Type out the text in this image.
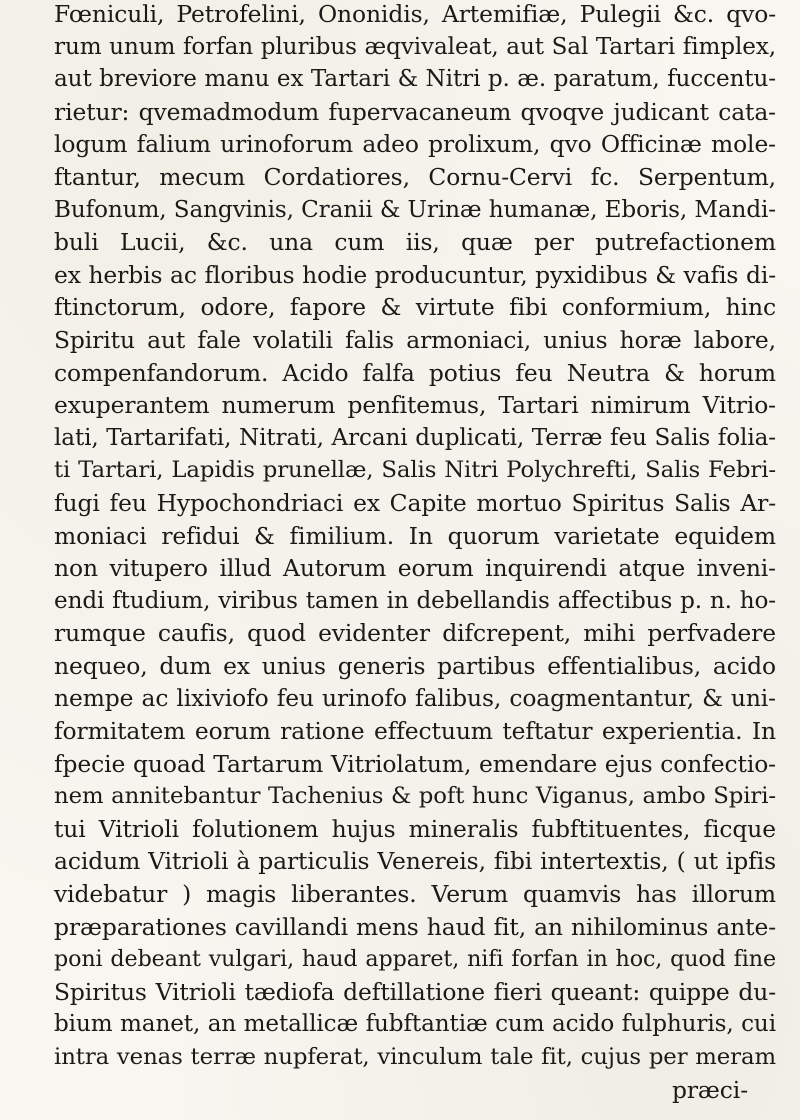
Fœniculi, Petrofelini, Ononidis, Artemifiæ, Pulegii &c. qvo-
rum unum forfan pluribus æqvivaleat, aut Sal Tartari fimplex,
aut breviore manu ex Tartari & Nitri p. æ. paratum, fuccentu-
rietur: qvemadmodum fupervacaneum qvoqve judicant cata-
logum falium urinoforum adeo prolixum, qvo Officinæ mole-
ftantur, mecum Cordatiores, Cornu-Cervi fc. Serpentum,
Bufonum, Sangvinis, Cranii & Urinæ humanæ, Eboris, Mandi-
buli Lucii, &c. una cum iis, quæ per putrefactionem
ex herbis ac floribus hodie producuntur, pyxidibus & vafis di-
ftinctorum, odore, fapore & virtute fibi conformium, hinc
Spiritu aut fale volatili falis armoniaci, unius horæ labore,
compenfandorum. Acido falfa potius feu Neutra & horum
exuperantem numerum penfitemus, Tartari nimirum Vitrio-
lati, Tartarifati, Nitrati, Arcani duplicati, Terræ feu Salis folia-
ti Tartari, Lapidis prunellæ, Salis Nitri Polychrefti, Salis Febri-
fugi feu Hypochondriaci ex Capite mortuo Spiritus Salis Ar-
moniaci refidui & fimilium. In quorum varietate equidem
non vitupero illud Autorum eorum inquirendi atque inveni-
endi ftudium, viribus tamen in debellandis affectibus p. n. ho-
rumque caufis, quod evidenter difcrepent, mihi perfvadere
nequeo, dum ex unius generis partibus effentialibus, acido
nempe ac lixiviofo feu urinofo falibus, coagmentantur, & uni-
formitatem eorum ratione effectuum teftatur experientia. In
fpecie quoad Tartarum Vitriolatum, emendare ejus confectio-
nem annitebantur Tachenius & poft hunc Viganus, ambo Spiri-
tui Vitrioli folutionem hujus mineralis fubftituentes, ficque
acidum Vitrioli à particulis Venereis, fibi intertextis, ( ut ipfis
videbatur ) magis liberantes. Verum quamvis has illorum
præparationes cavillandi mens haud fit, an nihilominus ante-
poni debeant vulgari, haud apparet, nifi forfan in hoc, quod fine
Spiritus Vitrioli tædiofa deftillatione fieri queant: quippe du-
bium manet, an metallicæ fubftantiæ cum acido fulphuris, cui
intra venas terræ nupferat, vinculum tale fit, cujus per meram
præci-
